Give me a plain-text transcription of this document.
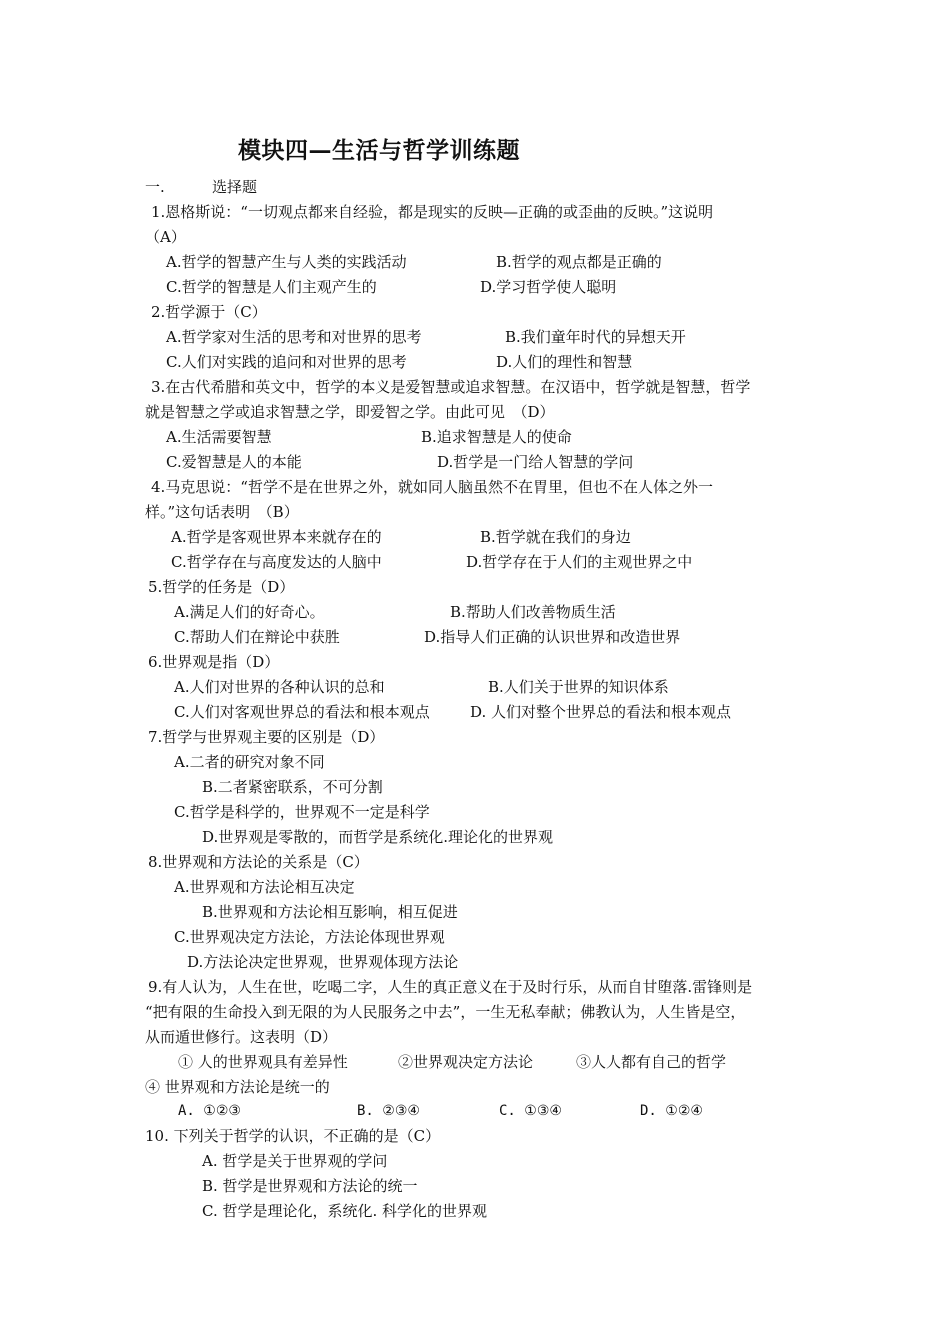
模块四—生活与哲学训练题
一.	选择题
1.恩格斯说：“一切观点都来自经验，都是现实的反映—正确的或歪曲的反映。”这说明
（A）
A.哲学的智慧产生与人类的实践活动	B.哲学的观点都是正确的
C.哲学的智慧是人们主观产生的	D.学习哲学使人聪明
2.哲学源于（C）
A.哲学家对生活的思考和对世界的思考	B.我们童年时代的异想天开
C.人们对实践的追问和对世界的思考	D.人们的理性和智慧
3.在古代希腊和英文中，哲学的本义是爱智慧或追求智慧。在汉语中，哲学就是智慧，哲学
就是智慧之学或追求智慧之学，即爱智之学。由此可见　（D）
A.生活需要智慧	B.追求智慧是人的使命
C.爱智慧是人的本能	D.哲学是一门给人智慧的学问
4.马克思说：“哲学不是在世界之外，就如同人脑虽然不在胃里，但也不在人体之外一
样。”这句话表明　（B）
A.哲学是客观世界本来就存在的	B.哲学就在我们的身边
C.哲学存在与高度发达的人脑中	D.哲学存在于人们的主观世界之中
5.哲学的任务是（D）
A.满足人们的好奇心。	B.帮助人们改善物质生活
C.帮助人们在辩论中获胜	D.指导人们正确的认识世界和改造世界
6.世界观是指（D）
A.人们对世界的各种认识的总和	B.人们关于世界的知识体系
C.人们对客观世界总的看法和根本观点	D. 人们对整个世界总的看法和根本观点
7.哲学与世界观主要的区别是（D）
A.二者的研究对象不同
B.二者紧密联系，不可分割
C.哲学是科学的，世界观不一定是科学
D.世界观是零散的，而哲学是系统化.理论化的世界观
8.世界观和方法论的关系是（C）
A.世界观和方法论相互决定
B.世界观和方法论相互影响，相互促进
C.世界观决定方法论，方法论体现世界观
D.方法论决定世界观，世界观体现方法论
9.有人认为，人生在世，吃喝二字，人生的真正意义在于及时行乐，从而自甘堕落.雷锋则是
“把有限的生命投入到无限的为人民服务之中去”，一生无私奉献；佛教认为，人生皆是空，
从而遁世修行。这表明（D）
① 人的世界观具有差异性	②世界观决定方法论	③人人都有自己的哲学
④ 世界观和方法论是统一的
A. ①②③	B. ②③④	C. ①③④	D. ①②④
10. 下列关于哲学的认识，不正确的是（C）
A. 哲学是关于世界观的学问
B. 哲学是世界观和方法论的统一
C. 哲学是理论化，系统化. 科学化的世界观
